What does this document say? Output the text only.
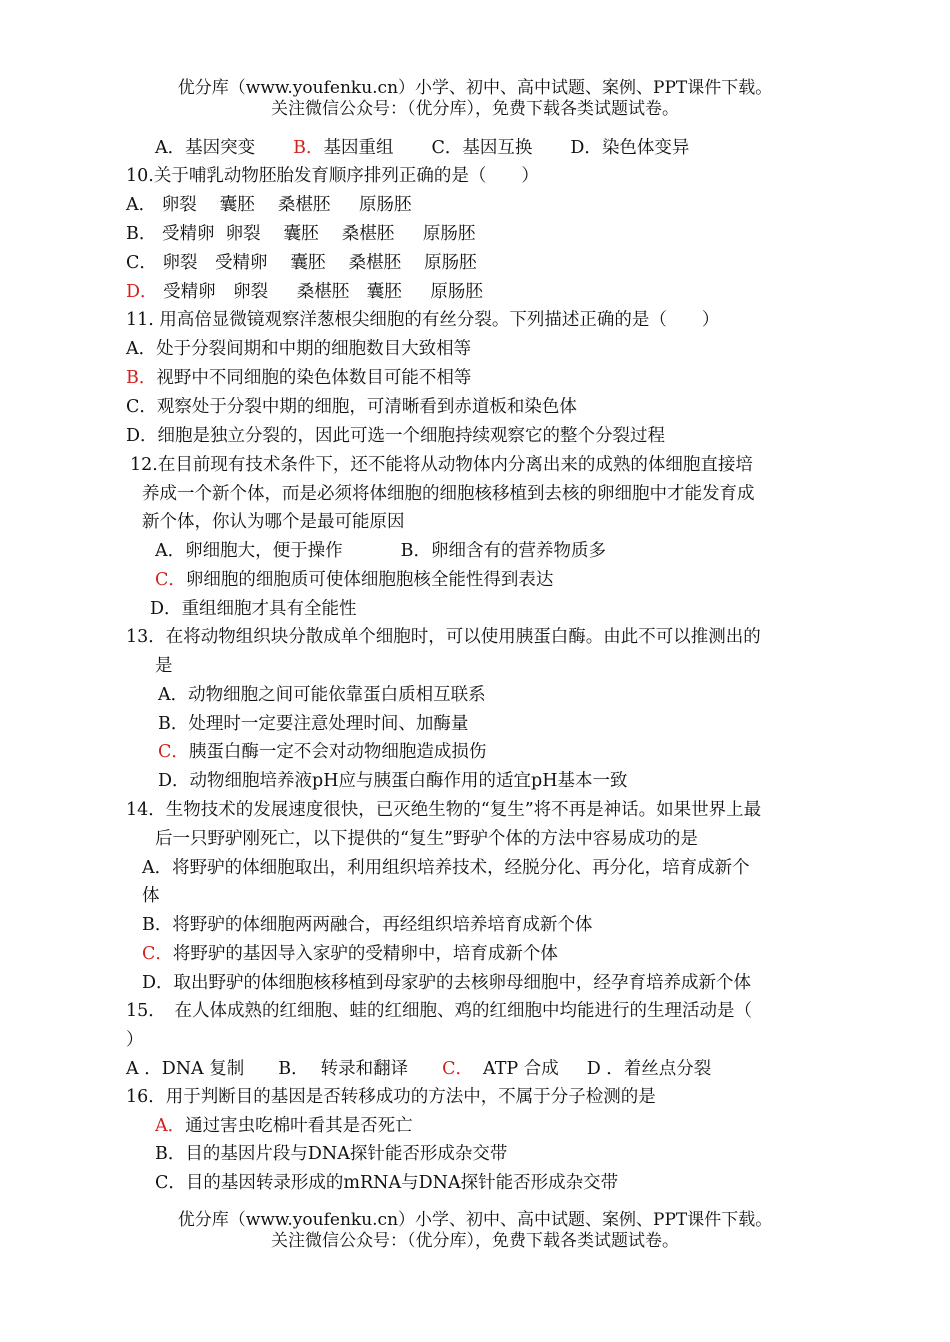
优分库（www.youfenku.cn）小学、初中、高中试题、案例、PPT课件下载。
关注微信公众号：（优分库），免费下载各类试题试卷。
A．基因突变 B．基因重组 C．基因互换 D．染色体变异
10.关于哺乳动物胚胎发育顺序排列正确的是（　　）
A． 卵裂　 囊胚　 桑椹胚　  原肠胚
B． 受精卵  卵裂　 囊胚　 桑椹胚　  原肠胚
C． 卵裂　受精卵　 囊胚　 桑椹胚　 原肠胚
D． 受精卵　卵裂　  桑椹胚　囊胚　  原肠胚
11. 用高倍显微镜观察洋葱根尖细胞的有丝分裂。下列描述正确的是（　　）
A．处于分裂间期和中期的细胞数目大致相等
B．视野中不同细胞的染色体数目可能不相等
C．观察处于分裂中期的细胞，可清晰看到赤道板和染色体
D．细胞是独立分裂的，因此可选一个细胞持续观察它的整个分裂过程
12.在目前现有技术条件下，还不能将从动物体内分离出来的成熟的体细胞直接培
养成一个新个体，而是必须将体细胞的细胞核移植到去核的卵细胞中才能发育成
新个体，你认为哪个是最可能原因
A．卵细胞大，便于操作	B．卵细含有的营养物质多
C．卵细胞的细胞质可使体细胞胞核全能性得到表达
D．重组细胞才具有全能性
13．在将动物组织块分散成单个细胞时，可以使用胰蛋白酶。由此不可以推测出的
是
A．动物细胞之间可能依靠蛋白质相互联系
B．处理时一定要注意处理时间、加酶量
C．胰蛋白酶一定不会对动物细胞造成损伤
D．动物细胞培养液pH应与胰蛋白酶作用的适宜pH基本一致
14．生物技术的发展速度很快，已灭绝生物的“复生”将不再是神话。如果世界上最
后一只野驴刚死亡，以下提供的“复生”野驴个体的方法中容易成功的是
A．将野驴的体细胞取出，利用组织培养技术，经脱分化、再分化，培育成新个
体
B．将野驴的体细胞两两融合，再经组织培养培育成新个体
C．将野驴的基因导入家驴的受精卵中，培育成新个体
D．取出野驴的体细胞核移植到母家驴的去核卵母细胞中，经孕育培养成新个体
15．　在人体成熟的红细胞、蛙的红细胞、鸡的红细胞中均能进行的生理活动是（
）
A ．DNA 复制 B． 转录和翻译 C． ATP 合成 D ．着丝点分裂
16．用于判断目的基因是否转移成功的方法中，不属于分子检测的是
A．通过害虫吃棉叶看其是否死亡
B．目的基因片段与DNA探针能否形成杂交带
C．目的基因转录形成的mRNA与DNA探针能否形成杂交带
优分库（www.youfenku.cn）小学、初中、高中试题、案例、PPT课件下载。
关注微信公众号：（优分库），免费下载各类试题试卷。
